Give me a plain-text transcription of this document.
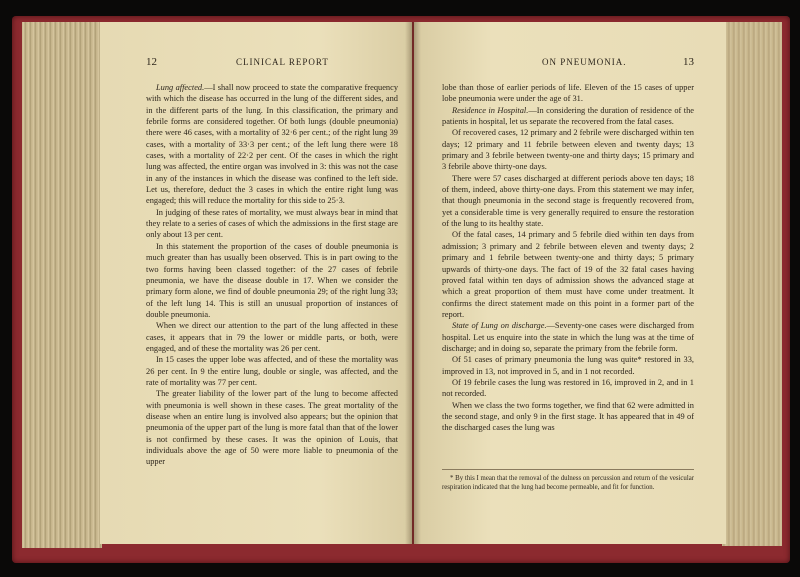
12	CLINICAL REPORT

Lung affected.—I shall now proceed to state the comparative frequency with which the disease has occurred in the lung of the different sides, and in the different parts of the lung. In this classification, the primary and febrile forms are considered together. Of both lungs (double pneumonia) there were 46 cases, with a mortality of 32·6 per cent.; of the right lung 39 cases, with a mortality of 33·3 per cent.; of the left lung there were 18 cases, with a mortality of 22·2 per cent. Of the cases in which the right lung was affected, the entire organ was involved in 3: this was not the case in any of the instances in which the disease was confined to the left side. Let us, therefore, deduct the 3 cases in which the entire right lung was engaged; this will reduce the mortality for this side to 25·3.

In judging of these rates of mortality, we must always bear in mind that they relate to a series of cases of which the admissions in the first stage are only about 13 per cent.

In this statement the proportion of the cases of double pneumonia is much greater than has usually been observed. This is in part owing to the two forms having been classed together: of the 27 cases of febrile pneumonia, we have the disease double in 17. When we consider the primary form alone, we find of double pneumonia 29; of the right lung 33; of the left lung 14. This is still an unusual proportion of instances of double pneumonia.

When we direct our attention to the part of the lung affected in these cases, it appears that in 79 the lower or middle parts, or both, were engaged, and of these the mortality was 26 per cent.

In 15 cases the upper lobe was affected, and of these the mortality was 26 per cent. In 9 the entire lung, double or single, was affected, and the rate of mortality was 77 per cent.

The greater liability of the lower part of the lung to become affected with pneumonia is well shown in these cases. The great mortality of the disease when an entire lung is involved also appears; but the opinion that pneumonia of the upper part of the lung is more fatal than that of the lower is not confirmed by these cases. It was the opinion of Louis, that individuals above the age of 50 were more liable to pneumonia of the upper

ON PNEUMONIA.	13

lobe than those of earlier periods of life. Eleven of the 15 cases of upper lobe pneumonia were under the age of 31.

Residence in Hospital.—In considering the duration of residence of the patients in hospital, let us separate the recovered from the fatal cases.

Of recovered cases, 12 primary and 2 febrile were discharged within ten days; 12 primary and 11 febrile between eleven and twenty days; 13 primary and 3 febrile between twenty-one and thirty days; 15 primary and 3 febrile above thirty-one days.

There were 57 cases discharged at different periods above ten days; 18 of them, indeed, above thirty-one days. From this statement we may infer, that though pneumonia in the second stage is frequently recovered from, yet a considerable time is very generally required to ensure the restoration of the lung to its healthy state.

Of the fatal cases, 14 primary and 5 febrile died within ten days from admission; 3 primary and 2 febrile between eleven and twenty days; 2 primary and 1 febrile between twenty-one and thirty days; 5 primary upwards of thirty-one days. The fact of 19 of the 32 fatal cases having proved fatal within ten days of admission shows the advanced stage at which a great proportion of them must have come under treatment. It confirms the direct statement made on this point in a former part of the report.

State of Lung on discharge.—Seventy-one cases were discharged from hospital. Let us enquire into the state in which the lung was at the time of discharge; and in doing so, separate the primary from the febrile form.

Of 51 cases of primary pneumonia the lung was quite* restored in 33, improved in 13, not improved in 5, and in 1 not recorded.

Of 19 febrile cases the lung was restored in 16, improved in 2, and in 1 not recorded.

When we class the two forms together, we find that 62 were admitted in the second stage, and only 9 in the first stage. It has appeared that in 49 of the discharged cases the lung was

* By this I mean that the removal of the dulness on percussion and return of the vesicular respiration indicated that the lung had become permeable, and fit for function.
